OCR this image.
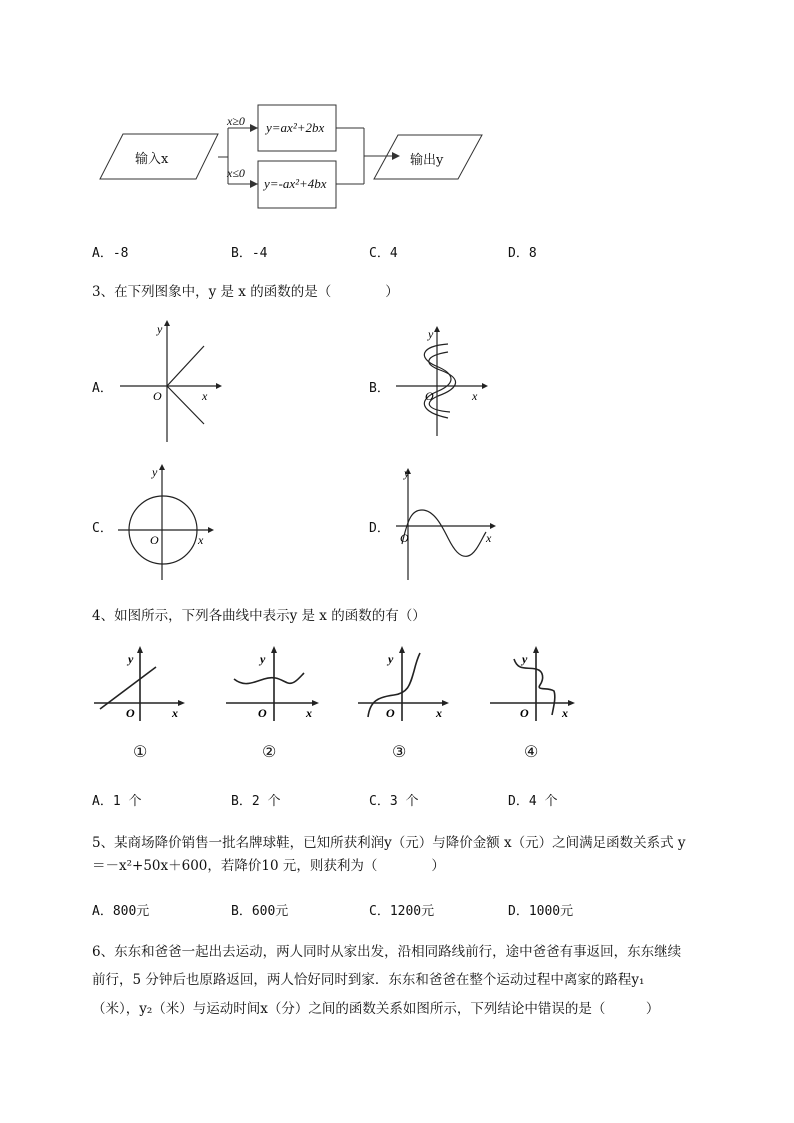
输入x	输出y
x≥0
x≤0
y=ax²+2bx
y=-ax²+4bx
A．-8	B．-4	C．4	D．8
3、在下列图象中，y 是 x 的函数的是（　　　　）
A．	B．
C．	D．
y
x
O
y
x
O
y
x
O
y
x
O
4、如图所示，下列各曲线中表示y 是 x 的函数的有（）
y
x
O
①
y
x
O
②
y
x
O
③
y
x
O
④
A．1 个	B．2 个	C．3 个	D．4 个
5、某商场降价销售一批名牌球鞋，已知所获利润y（元）与降价金额 x（元）之间满足函数关系式 y
＝－x²+50x＋600，若降价10 元，则获利为（　　　　）
A．800元	B．600元	C．1200元	D．1000元
6、东东和爸爸一起出去运动，两人同时从家出发，沿相同路线前行，途中爸爸有事返回，东东继续
前行，5 分钟后也原路返回，两人恰好同时到家．东东和爸爸在整个运动过程中离家的路程y₁
（米），y₂（米）与运动时间x（分）之间的函数关系如图所示，下列结论中错误的是（　　　）
